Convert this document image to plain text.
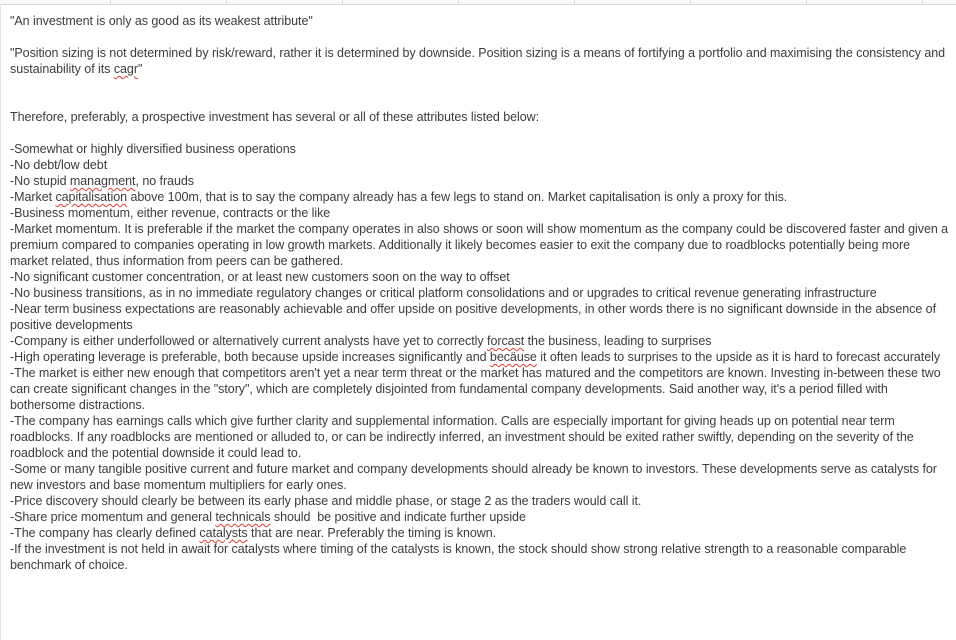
"An investment is only as good as its weakest attribute"

"Position sizing is not determined by risk/reward, rather it is determined by downside. Position sizing is a means of fortifying a portfolio and maximising the consistency and sustainability of its cagr"

Therefore, preferably, a prospective investment has several or all of these attributes listed below:

-Somewhat or highly diversified business operations

-No debt/low debt

-No stupid managment, no frauds

-Market capitalisation above 100m, that is to say the company already has a few legs to stand on. Market capitalisation is only a proxy for this.

-Business momentum, either revenue, contracts or the like

-Market momentum. It is preferable if the market the company operates in also shows or soon will show momentum as the company could be discovered faster and given a premium compared to companies operating in low growth markets. Additionally it likely becomes easier to exit the company due to roadblocks potentially being more market related, thus information from peers can be gathered.

-No significant customer concentration, or at least new customers soon on the way to offset

-No business transitions, as in no immediate regulatory changes or critical platform consolidations and or upgrades to critical revenue generating infrastructure

-Near term business expectations are reasonably achievable and offer upside on positive developments, in other words there is no significant downside in the absence of positive developments

-Company is either underfollowed or alternatively current analysts have yet to correctly forcast the business, leading to surprises

-High operating leverage is preferable, both because upside increases significantly and becäuse it often leads to surprises to the upside as it is hard to forecast accurately

-The market is either new enough that competitors aren't yet a near term threat or the market has matured and the competitors are known. Investing in-between these two can create significant changes in the "story", which are completely disjointed from fundamental company developments. Said another way, it's a period filled with bothersome distractions.

-The company has earnings calls which give further clarity and supplemental information. Calls are especially important for giving heads up on potential near term roadblocks. If any roadblocks are mentioned or alluded to, or can be indirectly inferred, an investment should be exited rather swiftly, depending on the severity of the roadblock and the potential downside it could lead to.

-Some or many tangible positive current and future market and company developments should already be known to investors. These developments serve as catalysts for new investors and base momentum multipliers for early ones.

-Price discovery should clearly be between its early phase and middle phase, or stage 2 as the traders would call it.

-Share price momentum and general technicals should  be positive and indicate further upside

-The company has clearly defined catalysts that are near. Preferably the timing is known.

-If the investment is not held in await for catalysts where timing of the catalysts is known, the stock should show strong relative strength to a reasonable comparable benchmark of choice.
